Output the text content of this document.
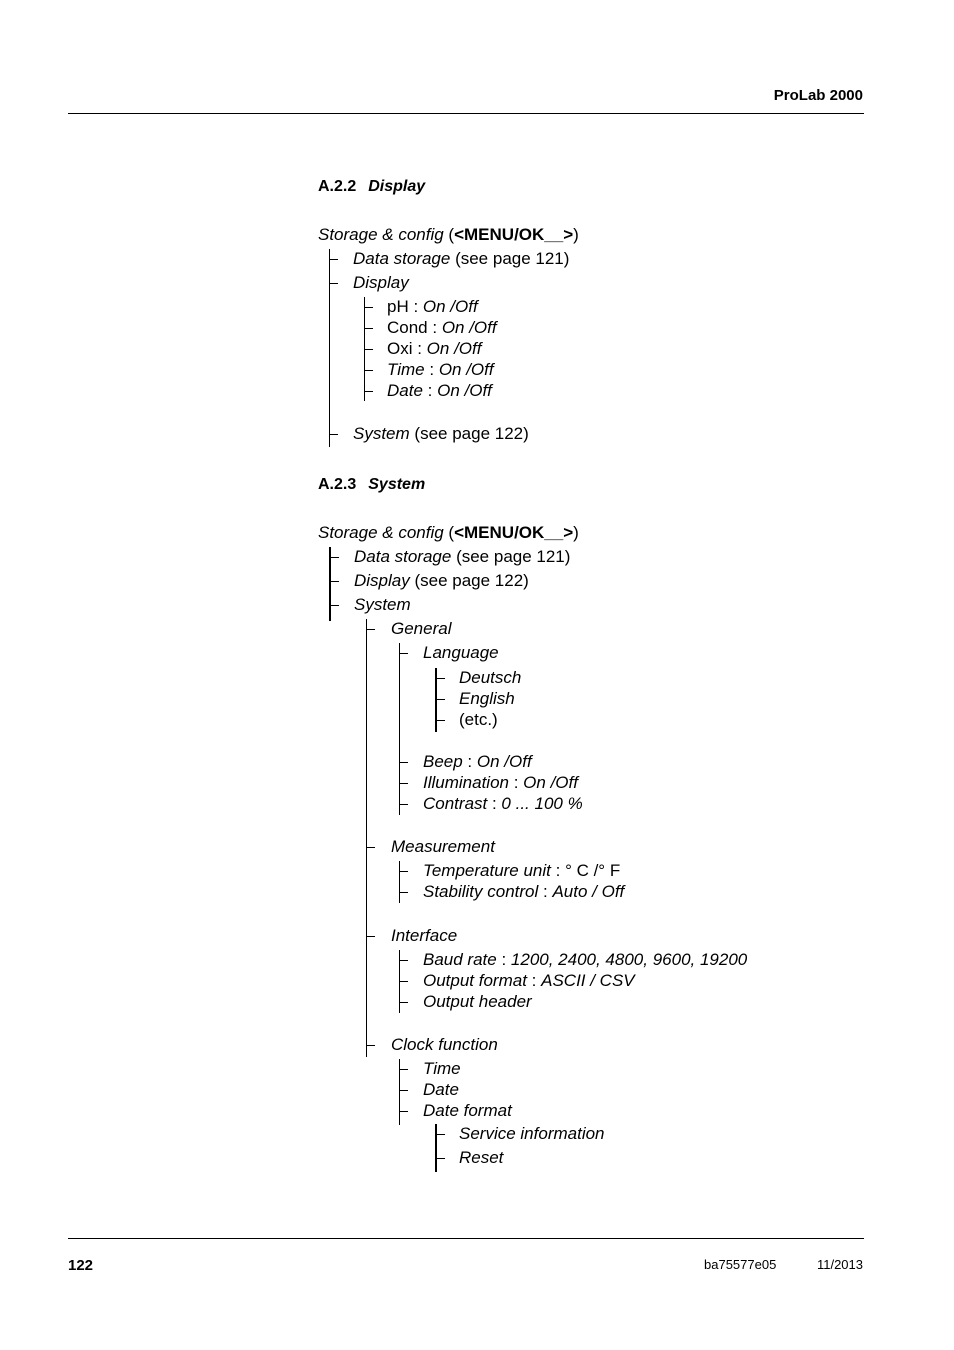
ProLab 2000
A.2.2 Display
Storage & config (<MENU/OK__>)
Data storage (see page 121)
Display
pH : On /Off
Cond : On /Off
Oxi : On /Off
Time : On /Off
Date : On /Off
System (see page 122)
A.2.3 System
Storage & config (<MENU/OK__>)
Data storage (see page 121)
Display (see page 122)
System
General
Language
Deutsch
English
(etc.)
Beep : On /Off
Illumination : On /Off
Contrast : 0 ... 100 %
Measurement
Temperature unit : ° C /° F
Stability control : Auto / Off
Interface
Baud rate : 1200, 2400, 4800, 9600, 19200
Output format : ASCII / CSV
Output header
Clock function
Time
Date
Date format
Service information
Reset
122	ba75577e05	11/2013
